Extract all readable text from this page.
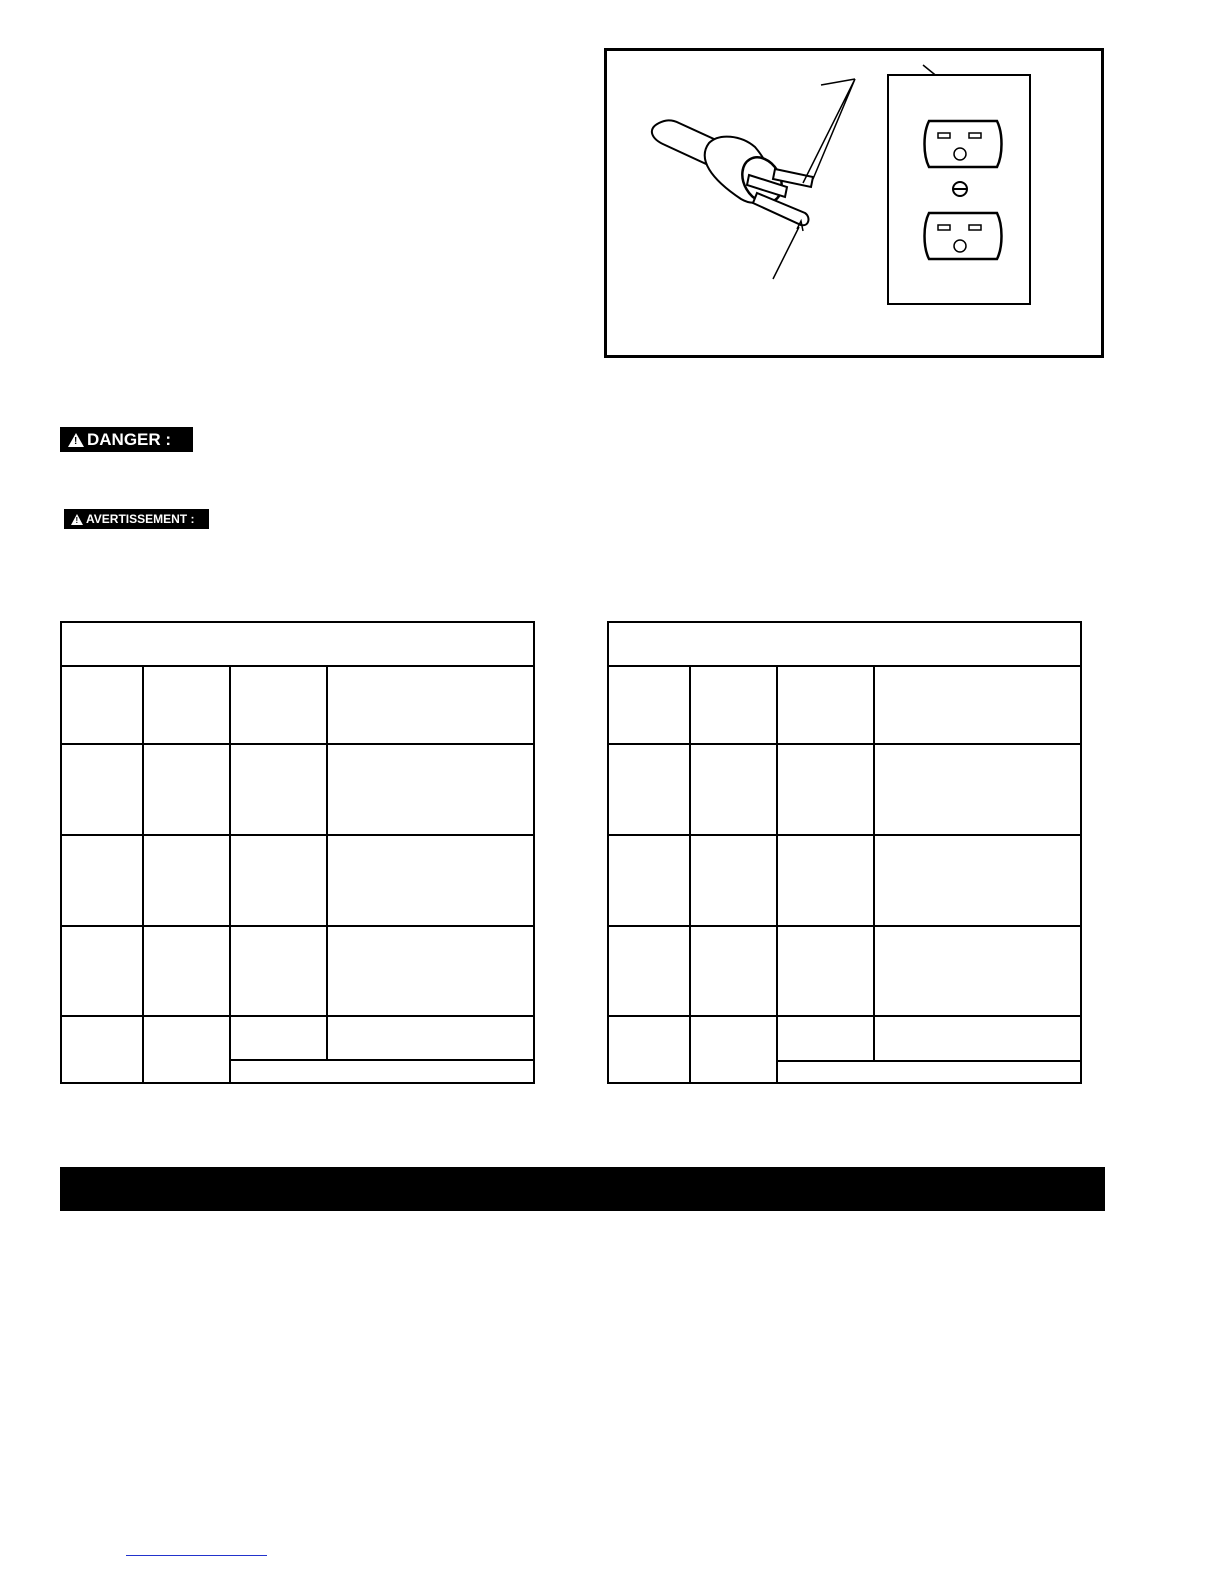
!
DANGER :
!
AVERTISSEMENT :
